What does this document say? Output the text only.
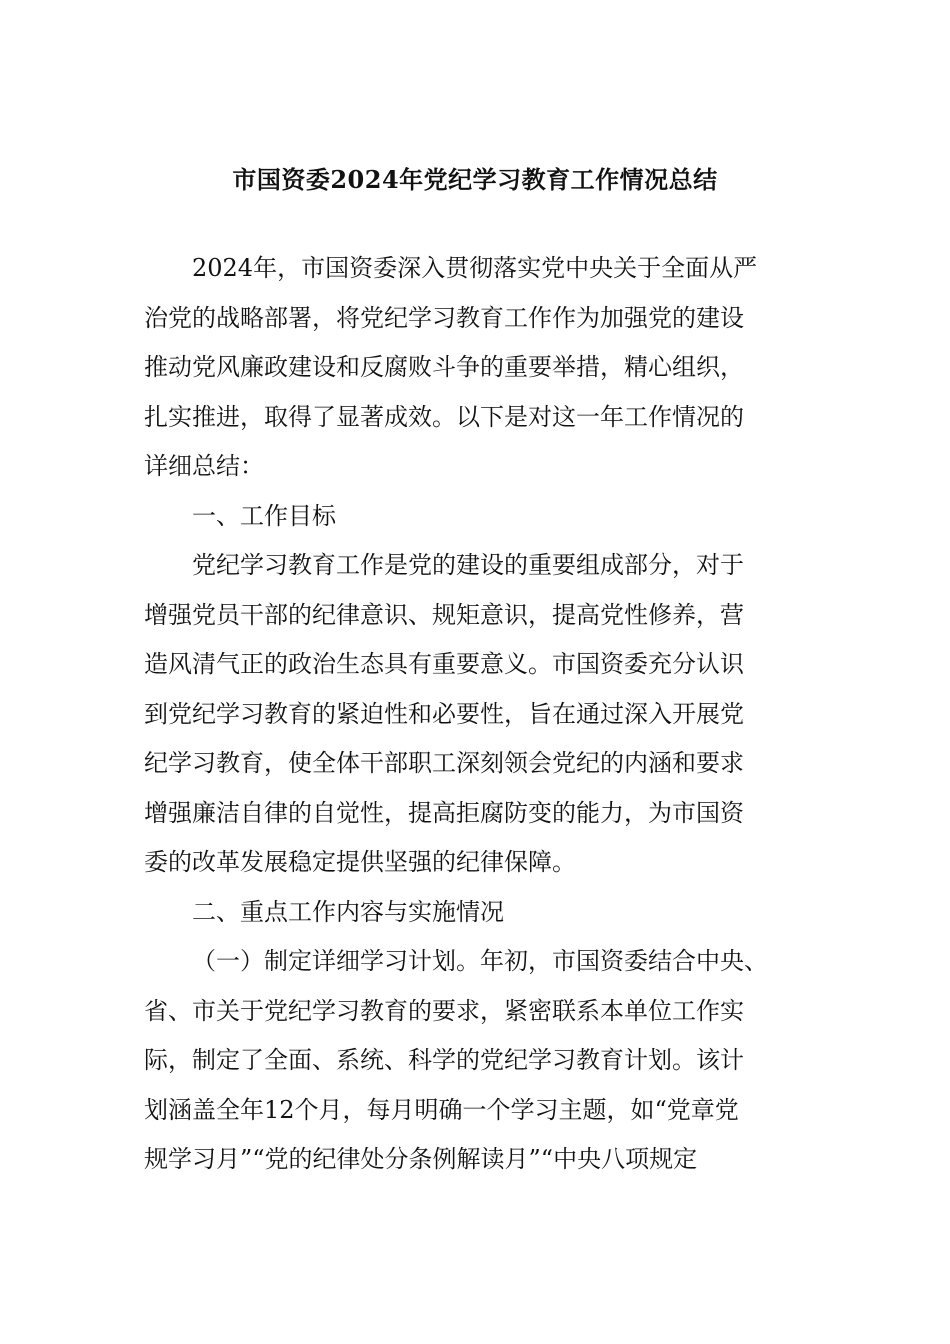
市国资委2024年党纪学习教育工作情况总结
2024年，市国资委深入贯彻落实党中央关于全面从严
治党的战略部署，将党纪学习教育工作作为加强党的建设
推动党风廉政建设和反腐败斗争的重要举措，精心组织，
扎实推进，取得了显著成效。以下是对这一年工作情况的
详细总结：
一、工作目标
党纪学习教育工作是党的建设的重要组成部分，对于
增强党员干部的纪律意识、规矩意识，提高党性修养，营
造风清气正的政治生态具有重要意义。市国资委充分认识
到党纪学习教育的紧迫性和必要性，旨在通过深入开展党
纪学习教育，使全体干部职工深刻领会党纪的内涵和要求
增强廉洁自律的自觉性，提高拒腐防变的能力，为市国资
委的改革发展稳定提供坚强的纪律保障。
二、重点工作内容与实施情况
（一）制定详细学习计划。年初，市国资委结合中央、
省、市关于党纪学习教育的要求，紧密联系本单位工作实
际，制定了全面、系统、科学的党纪学习教育计划。该计
划涵盖全年12个月，每月明确一个学习主题，如“党章党
规学习月”“党的纪律处分条例解读月”“中央八项规定
